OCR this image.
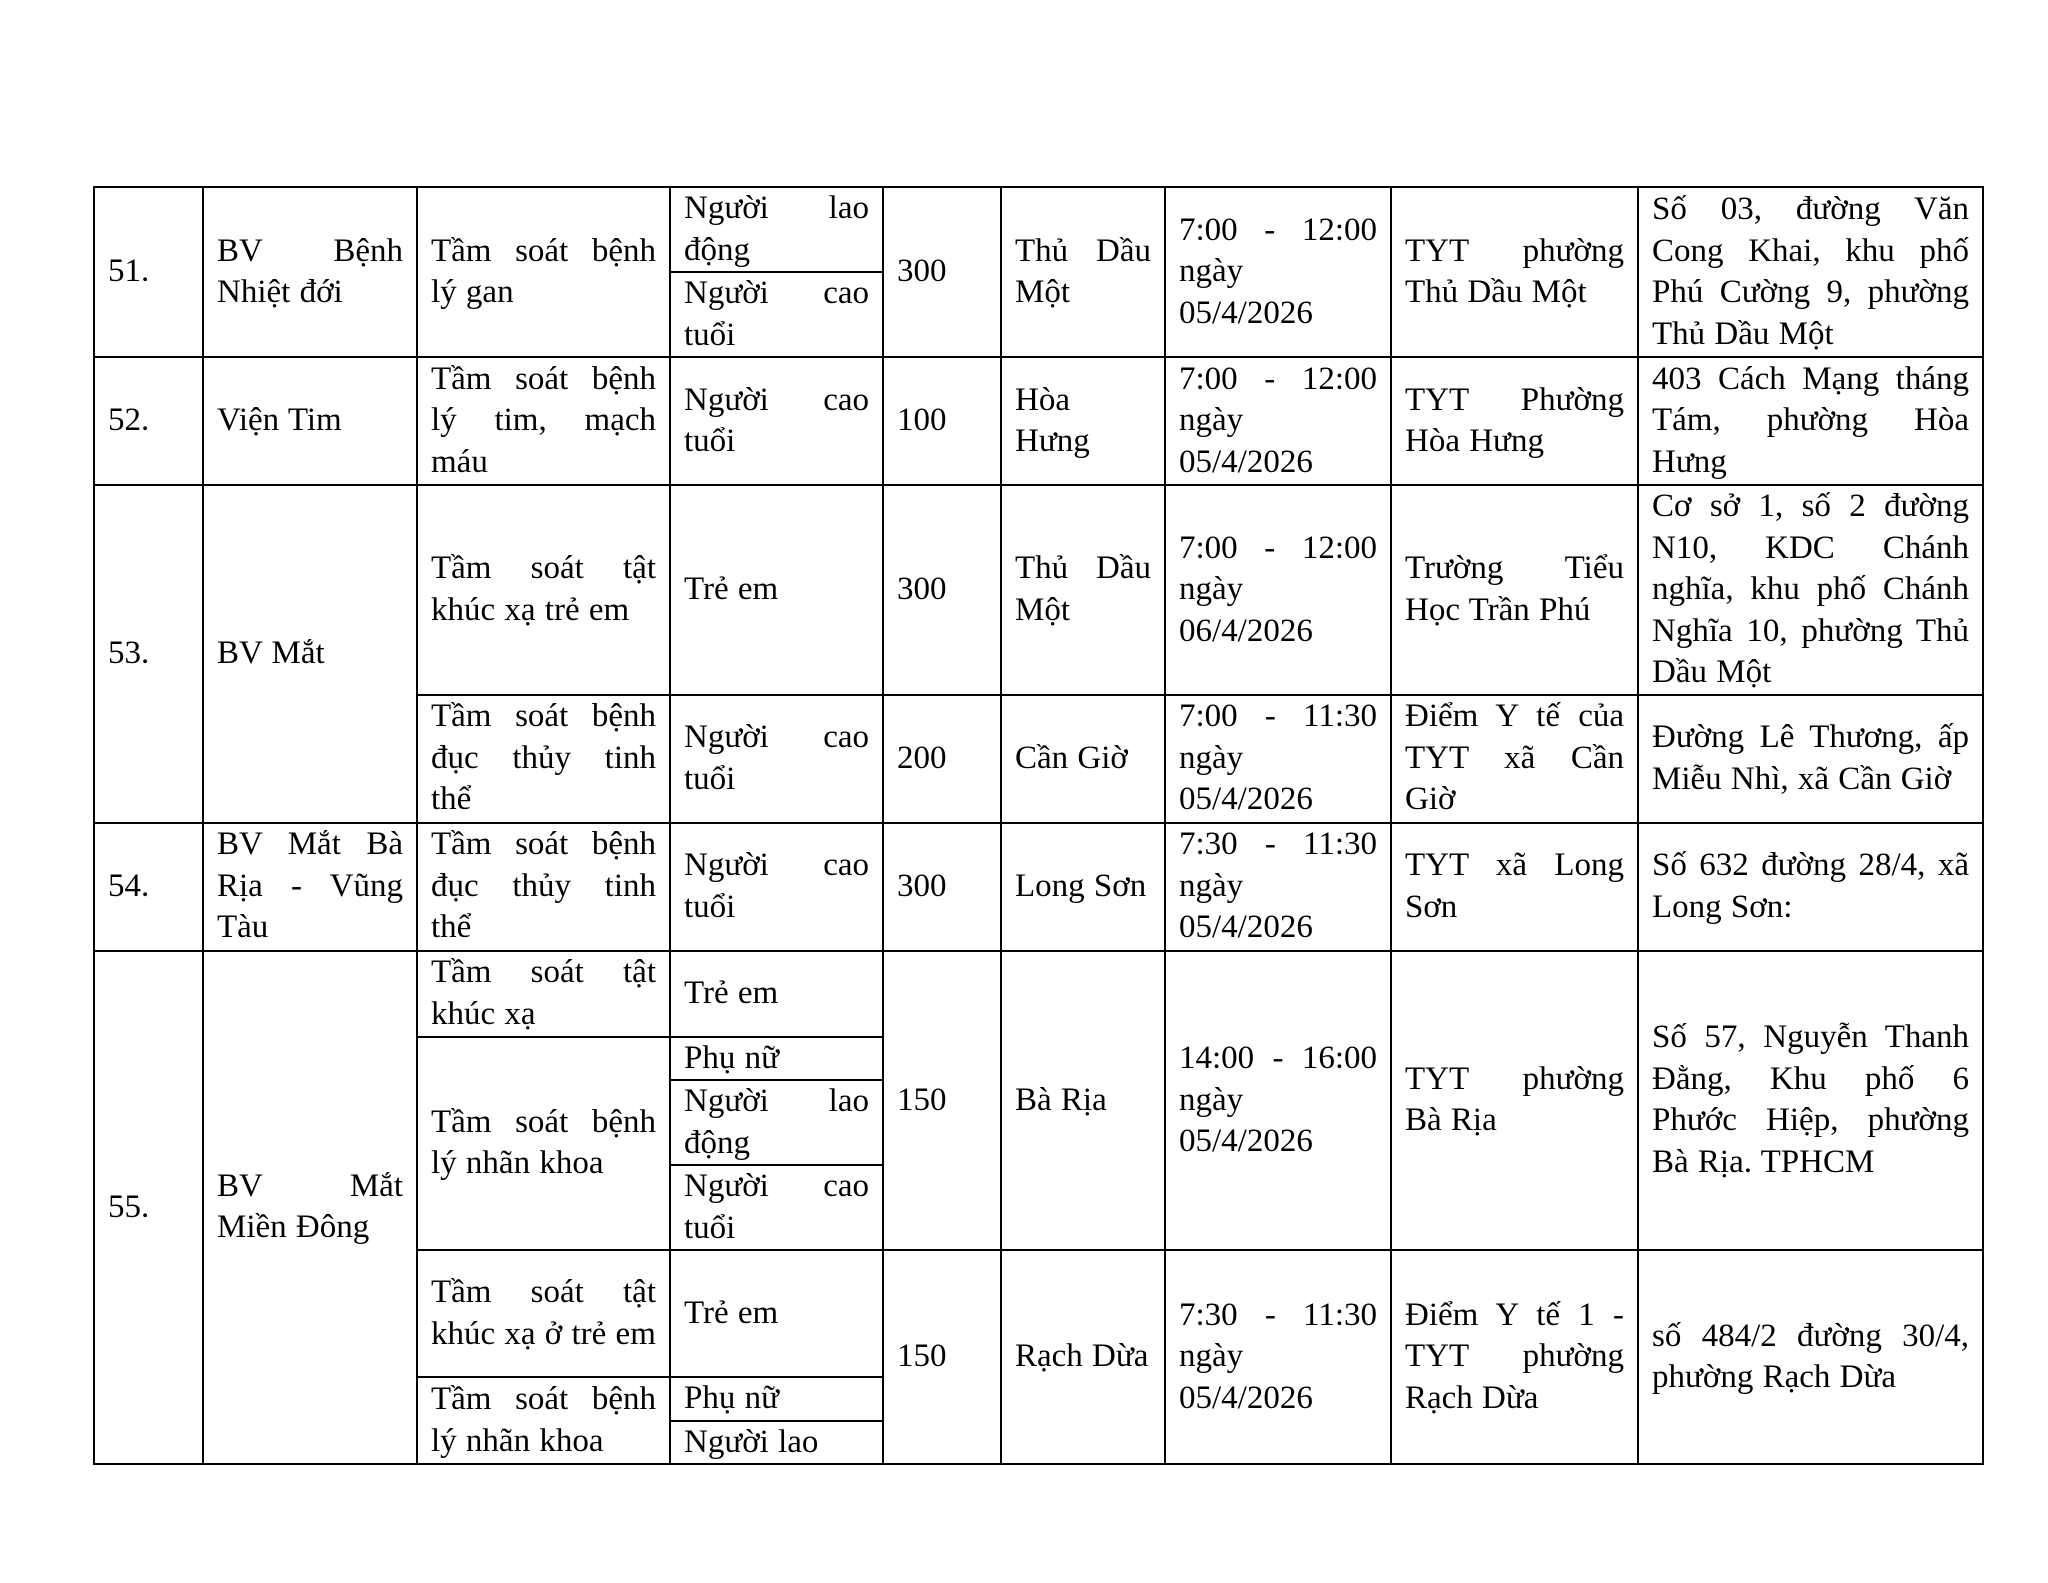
51.	BV Bệnh Nhiệt đới	Tầm soát bệnh lý gan	Người lao động	300	Thủ Dầu Một	7:00 - 12:00 ngày 05/4/2026	TYT phường Thủ Dầu Một	Số 03, đường Văn Cong Khai, khu phố Phú Cường 9, phường Thủ Dầu Một
			Người cao tuổi					
52.	Viện Tim	Tầm soát bệnh lý tim, mạch máu	Người cao tuổi	100	Hòa Hưng	7:00 - 12:00 ngày 05/4/2026	TYT Phường Hòa Hưng	403 Cách Mạng tháng Tám, phường Hòa Hưng
53.	BV Mắt	Tầm soát tật khúc xạ trẻ em	Trẻ em	300	Thủ Dầu Một	7:00 - 12:00 ngày 06/4/2026	Trường Tiểu Học Trần Phú	Cơ sở 1, số 2 đường N10, KDC Chánh nghĩa, khu phố Chánh Nghĩa 10, phường Thủ Dầu Một
		Tầm soát bệnh đục thủy tinh thể	Người cao tuổi	200	Cần Giờ	7:00 - 11:30 ngày 05/4/2026	Điểm Y tế của TYT xã Cần Giờ	Đường Lê Thương, ấp Miễu Nhì, xã Cần Giờ
54.	BV Mắt Bà Rịa - Vũng Tàu	Tầm soát bệnh đục thủy tinh thể	Người cao tuổi	300	Long Sơn	7:30 - 11:30 ngày 05/4/2026	TYT xã Long Sơn	Số 632 đường 28/4, xã Long Sơn:
55.	BV Mắt Miền Đông	Tầm soát tật khúc xạ	Trẻ em	150	Bà Rịa	14:00 - 16:00 ngày 05/4/2026	TYT phường Bà Rịa	Số 57, Nguyễn Thanh Đằng, Khu phố 6 Phước Hiệp, phường Bà Rịa. TPHCM
		Tầm soát bệnh lý nhãn khoa	Phụ nữ					
			Người lao động					
			Người cao tuổi					
		Tầm soát tật khúc xạ ở trẻ em	Trẻ em	150	Rạch Dừa	7:30 - 11:30 ngày 05/4/2026	Điểm Y tế 1 - TYT phường Rạch Dừa	số 484/2 đường 30/4, phường Rạch Dừa
		Tầm soát bệnh lý nhãn khoa	Phụ nữ					
			Người lao					
